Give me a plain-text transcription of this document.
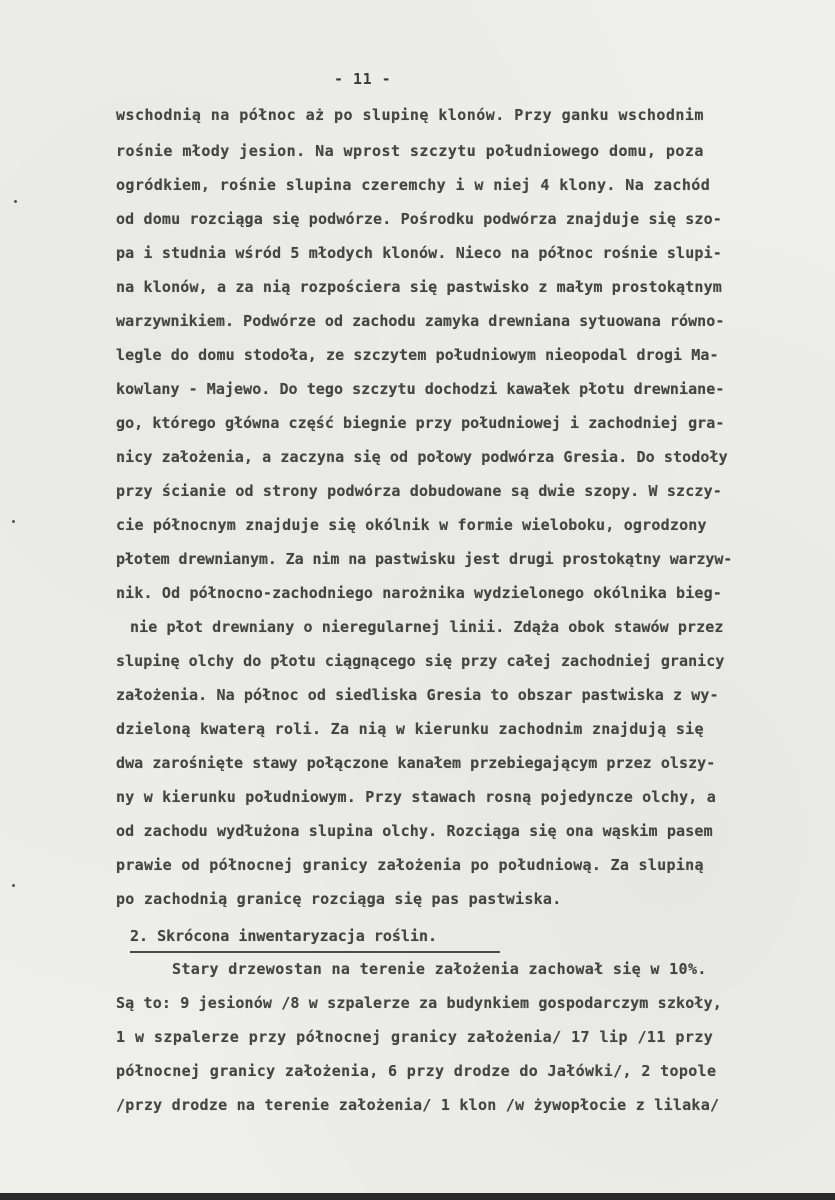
- 11 -
wschodnią na północ aż po slupinę klonów. Przy ganku wschodnim
rośnie młody jesion. Na wprost szczytu południowego domu, poza
ogródkiem, rośnie slupina czeremchy i w niej 4 klony. Na zachód
od domu rozciąga się podwórze. Pośrodku podwórza znajduje się szo-
pa i studnia wśród 5 młodych klonów. Nieco na północ rośnie slupi-
na klonów, a za nią rozpościera się pastwisko z małym prostokątnym
warzywnikiem. Podwórze od zachodu zamyka drewniana sytuowana równo-
legle do domu stodoła, ze szczytem południowym nieopodal drogi Ma-
kowlany - Majewo. Do tego szczytu dochodzi kawałek płotu drewniane-
go, którego główna część biegnie przy południowej i zachodniej gra-
nicy założenia, a zaczyna się od połowy podwórza Gresia. Do stodoły
przy ścianie od strony podwórza dobudowane są dwie szopy. W szczy-
cie północnym znajduje się okólnik w formie wieloboku, ogrodzony
płotem drewnianym. Za nim na pastwisku jest drugi prostokątny warzyw-
nik. Od północno-zachodniego narożnika wydzielonego okólnika bieg-
nie płot drewniany o nieregularnej linii. Zdąża obok stawów przez
slupinę olchy do płotu ciągnącego się przy całej zachodniej granicy
założenia. Na północ od siedliska Gresia to obszar pastwiska z wy-
dzieloną kwaterą roli. Za nią w kierunku zachodnim znajdują się
dwa zarośnięte stawy połączone kanałem przebiegającym przez olszy-
ny w kierunku południowym. Przy stawach rosną pojedyncze olchy, a
od zachodu wydłużona slupina olchy. Rozciąga się ona wąskim pasem
prawie od północnej granicy założenia po południową. Za slupiną
po zachodnią granicę rozciąga się pas pastwiska.
2. Skrócona inwentaryzacja roślin.
Stary drzewostan na terenie założenia zachował się w 10%.
Są to: 9 jesionów /8 w szpalerze za budynkiem gospodarczym szkoły,
1 w szpalerze przy północnej granicy założenia/ 17 lip /11 przy
północnej granicy założenia, 6 przy drodze do Jałówki/, 2 topole
/przy drodze na terenie założenia/ 1 klon /w żywopłocie z lilaka/
